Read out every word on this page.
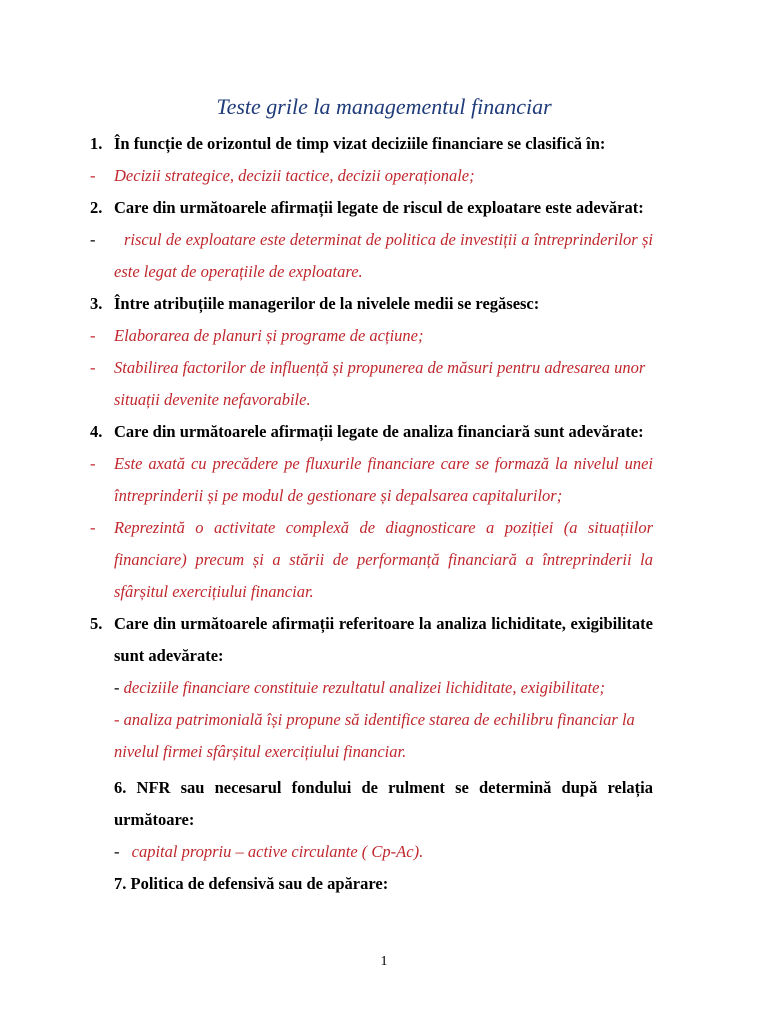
Teste grile la managementul financiar
1. În funcție de orizontul de timp vizat deciziile financiare se clasifică în:
-	Decizii strategice, decizii tactice, decizii operaționale;
2. Care din următoarele afirmații legate de riscul de exploatare este adevărat:
-	riscul de exploatare este determinat de politica de investiții a întreprinderilor și este legat de operațiile de exploatare.
3. Între atribuțiile managerilor de la nivelele medii se regăsesc:
-	Elaborarea de planuri și programe de acțiune;
-	Stabilirea factorilor de influență și propunerea de măsuri pentru adresarea unor situații devenite nefavorabile.
4. Care din următoarele afirmații legate de analiza financiară sunt adevărate:
-	Este axată cu precădere pe fluxurile financiare care se formază la nivelul unei întreprinderii și pe modul de gestionare și depalsarea capitalurilor;
-	Reprezintă o activitate complexă de diagnosticare a poziției (a situațiilor financiare) precum și a stării de performanță financiară a întreprinderii la sfârșitul exercițiului financiar.
5. Care din următoarele afirmații referitoare la analiza lichiditate, exigibilitate sunt adevărate:
- deciziile financiare constituie rezultatul analizei lichiditate, exigibilitate;
- analiza patrimonială își propune să identifice starea de echilibru financiar la nivelul firmei sfârșitul exercițiului financiar.
6. NFR sau necesarul fondului de rulment se determină după relația următoare:
- capital propriu – active circulante ( Cp-Ac).
7. Politica de defensivă sau de apărare:
1
